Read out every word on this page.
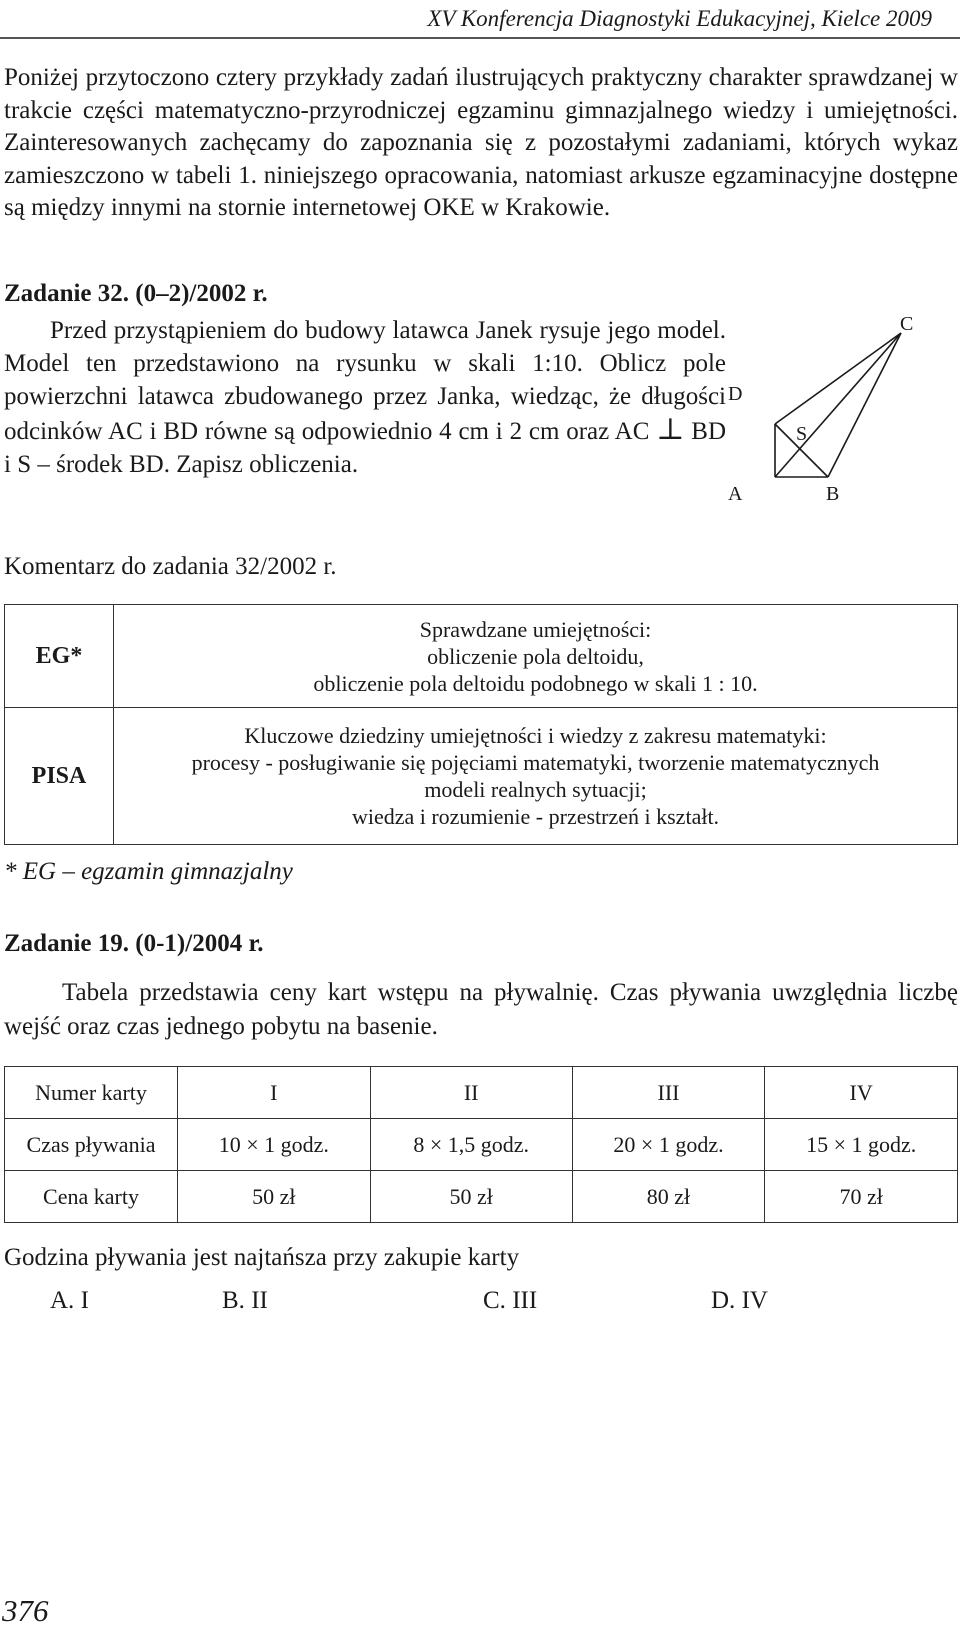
XV Konferencja Diagnostyki Edukacyjnej, Kielce 2009
Poniżej przytoczono cztery przykłady zadań ilustrujących praktyczny charakter sprawdzanej w trakcie części matematyczno-przyrodniczej egzaminu gimnazjalnego wiedzy i umiejętności. Zainteresowanych zachęcamy do zapoznania się z pozostałymi zadaniami, których wykaz zamieszczono w tabeli 1. niniejszego opracowania, natomiast arkusze egzaminacyjne dostępne są między innymi na stornie internetowej OKE w Krakowie.
Zadanie 32. (0–2)/2002 r.
Przed przystąpieniem do budowy latawca Janek rysuje jego model. Model ten przedstawiono na rysunku w skali 1:10. Oblicz pole powierzchni latawca zbudowanego przez Janka, wiedząc, że długości odcinków AC i BD równe są odpowiednio 4 cm i 2 cm oraz AC ⊥ BD i S – środek BD. Zapisz obliczenia.
A	B
C
D
S
Komentarz do zadania 32/2002 r.
EG*	Sprawdzane umiejętności:
obliczenie pola deltoidu,
obliczenie pola deltoidu podobnego w skali 1 : 10.

PISA	Kluczowe dziedziny umiejętności i wiedzy z zakresu matematyki:
procesy - posługiwanie się pojęciami matematyki, tworzenie matematycznych
modeli realnych sytuacji;
wiedza i rozumienie - przestrzeń i kształt.
* EG – egzamin gimnazjalny
Zadanie 19. (0-1)/2004 r.
Tabela przedstawia ceny kart wstępu na pływalnię. Czas pływania uwzględnia liczbę wejść oraz czas jednego pobytu na basenie.
Numer karty	I	II	III	IV
Czas pływania	10 × 1 godz.	8 × 1,5 godz.	20 × 1 godz.	15 × 1 godz.
Cena karty	50 zł	50 zł	80 zł	70 zł
Godzina pływania jest najtańsza przy zakupie karty
A. I	B. II	C. III	D. IV
376
